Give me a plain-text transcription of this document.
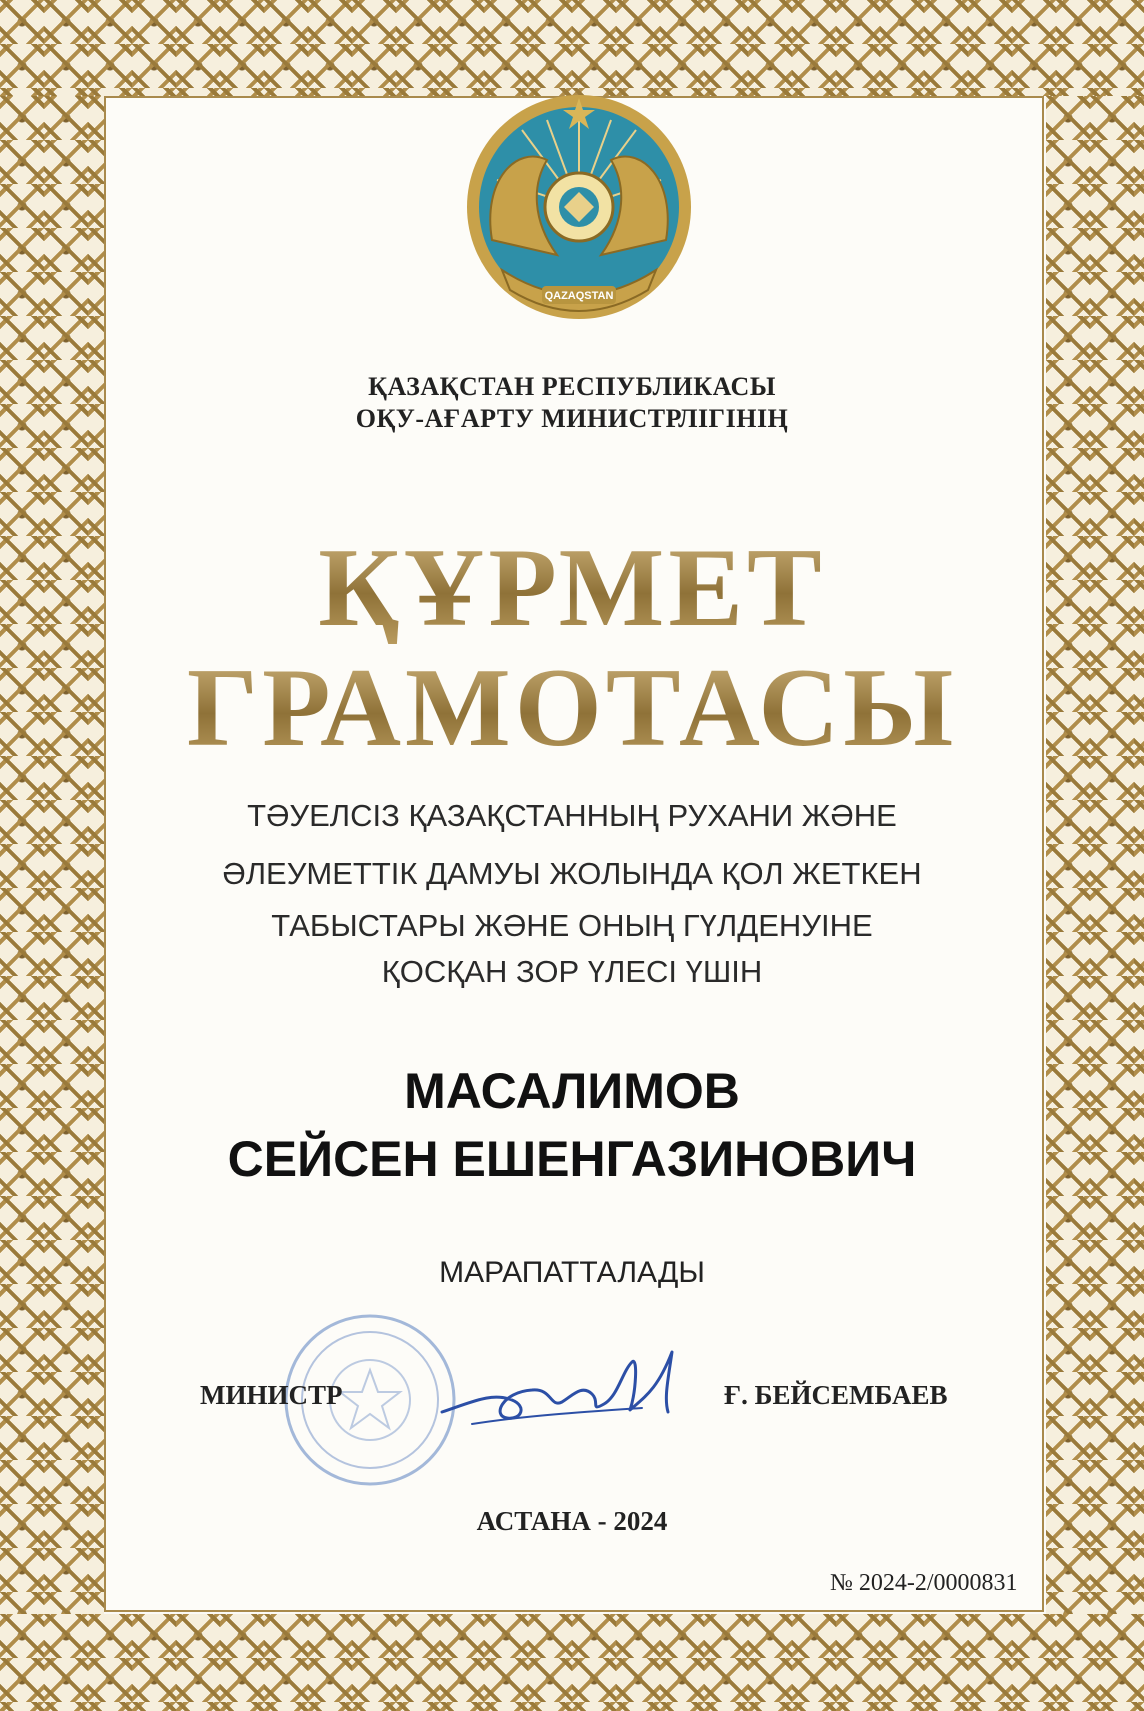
QAZAQSTAN
ҚАЗАҚСТАН РЕСПУБЛИКАСЫ
ОҚУ-АҒАРТУ МИНИСТРЛІГІНІҢ
ҚҰРМЕТ
ГРАМОТАСЫ
ТӘУЕЛСІЗ ҚАЗАҚСТАННЫҢ РУХАНИ ЖӘНЕ
ӘЛЕУМЕТТІК ДАМУЫ ЖОЛЫНДА ҚОЛ ЖЕТКЕН
ТАБЫСТАРЫ ЖӘНЕ ОНЫҢ ГҮЛДЕНУІНЕ
ҚОСҚАН ЗОР ҮЛЕСІ ҮШІН
МАСАЛИМОВ
СЕЙСЕН ЕШЕНГАЗИНОВИЧ
МАРАПАТТАЛАДЫ
МИНИСТР	Ғ. БЕЙСЕМБАЕВ
АСТАНА - 2024
№ 2024-2/0000831
